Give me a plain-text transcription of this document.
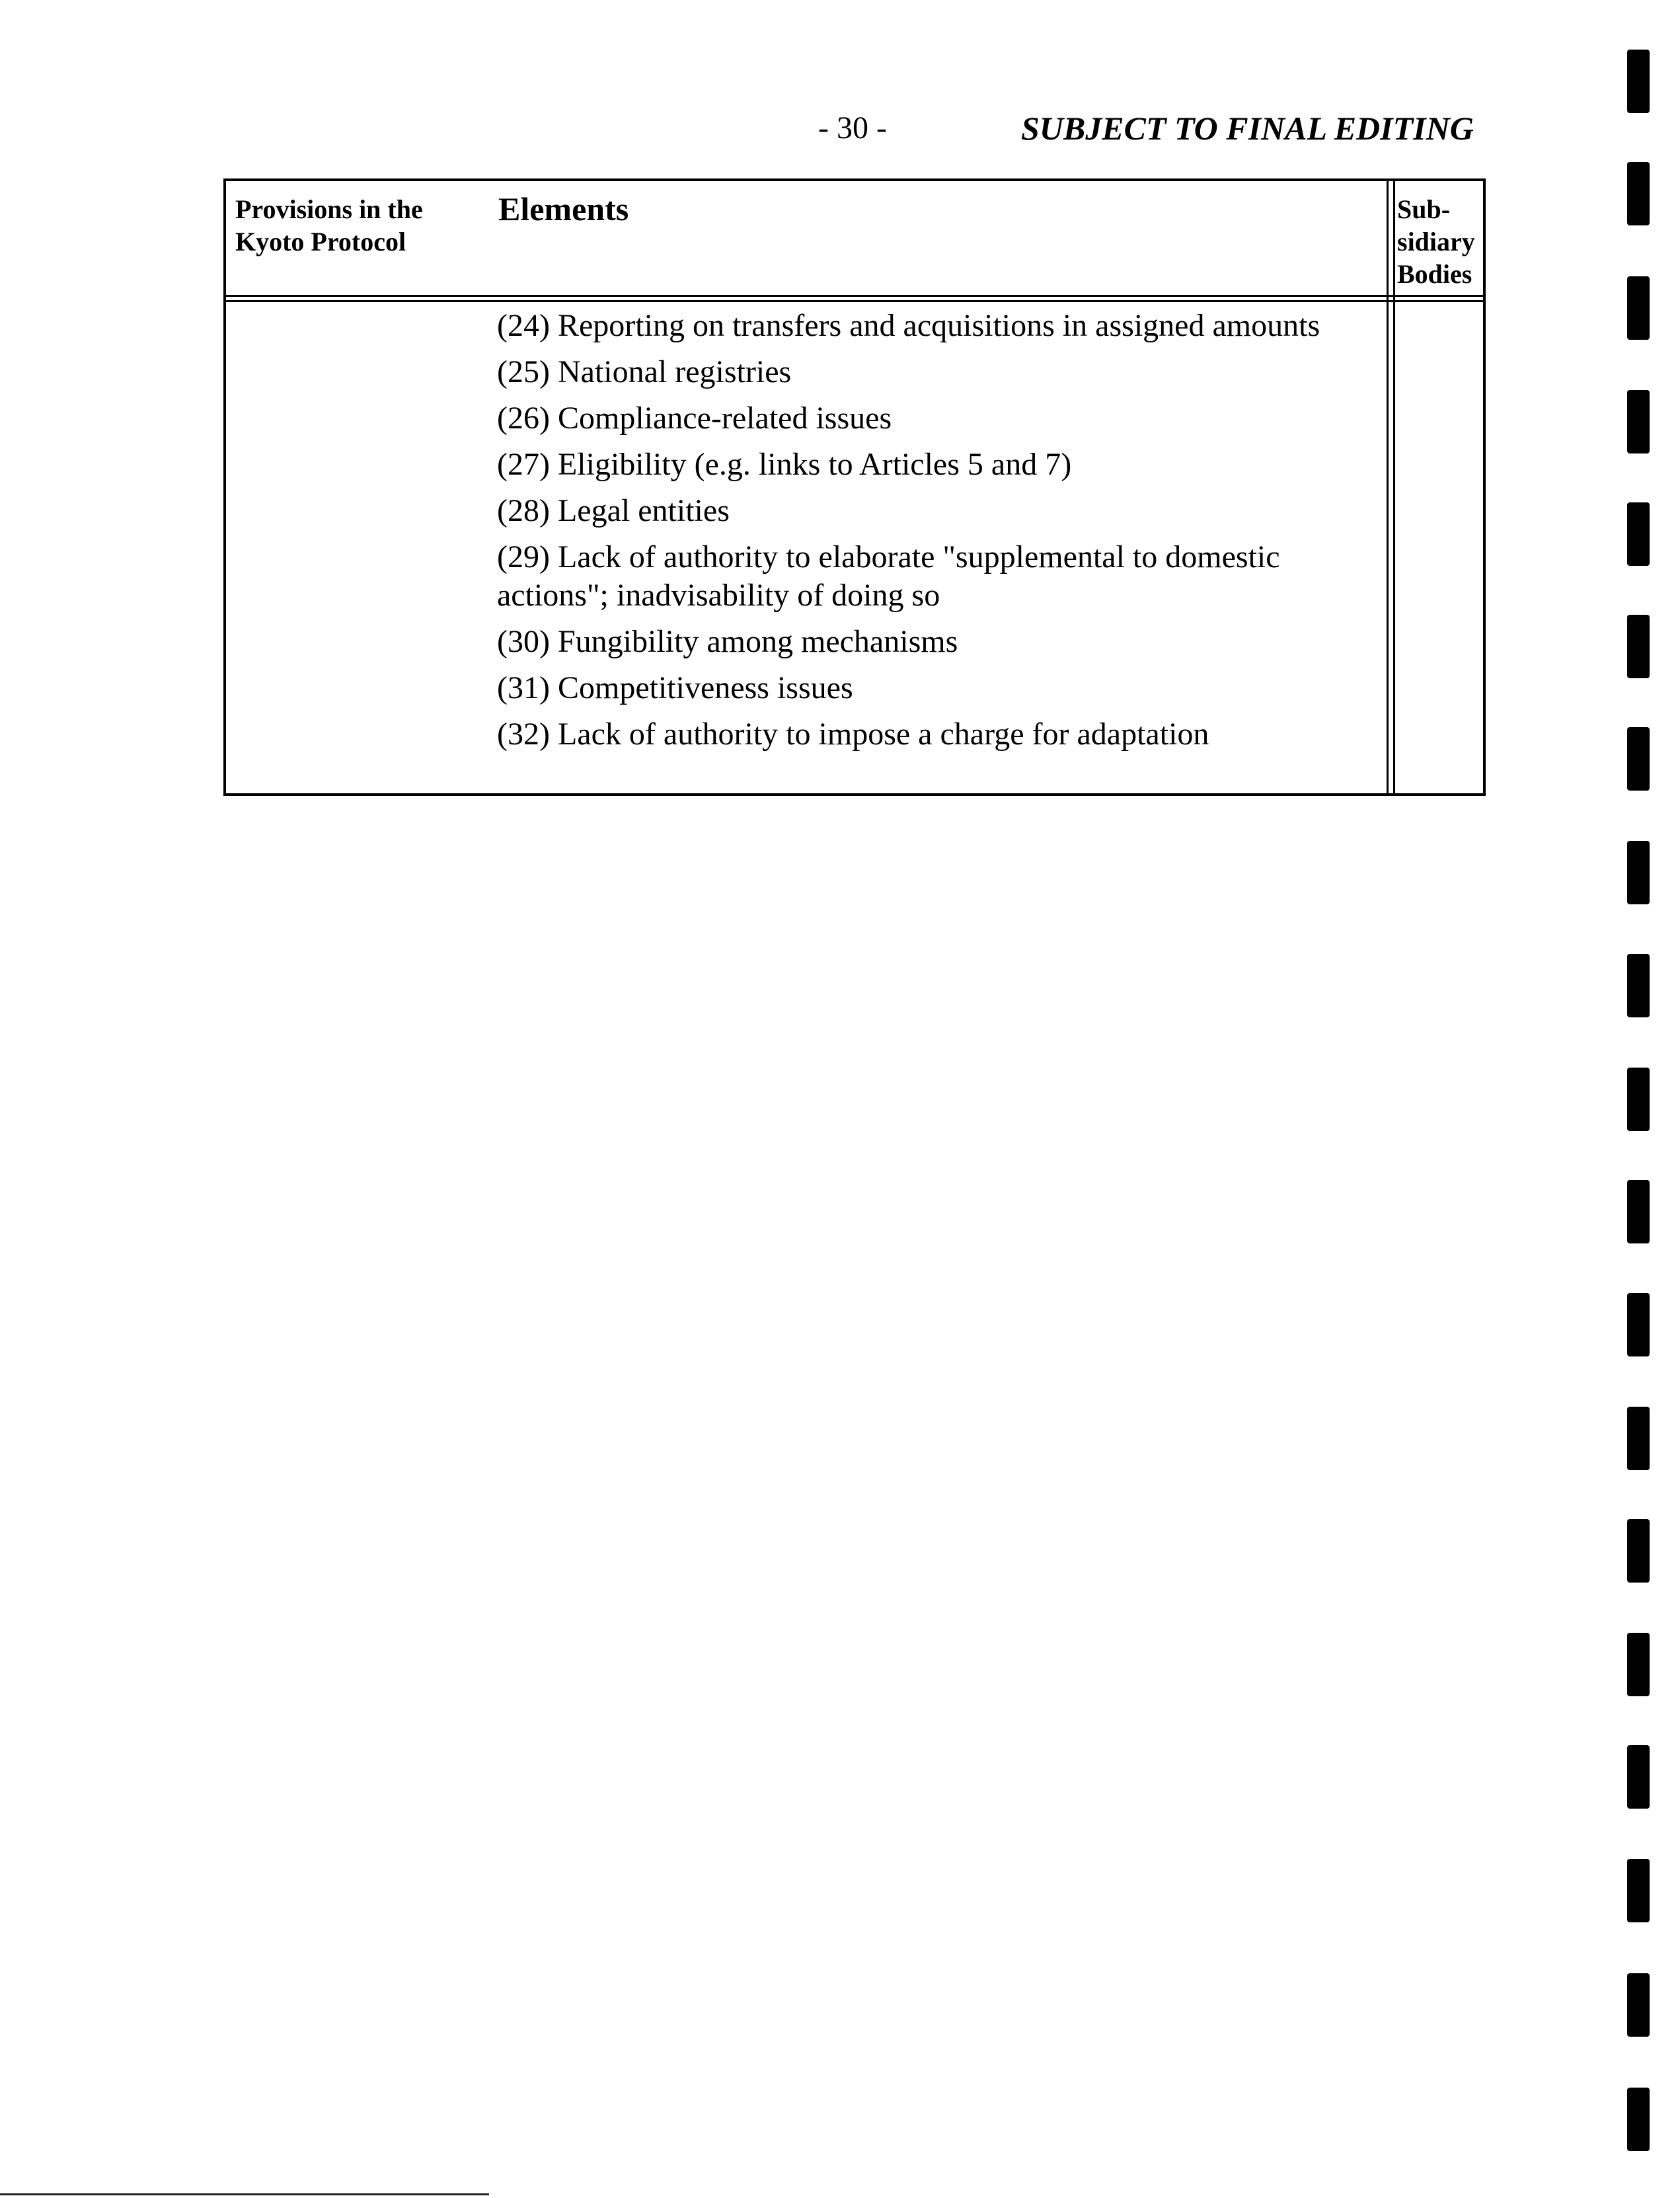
- 30 -	SUBJECT TO FINAL EDITING
Provisions in the Kyoto Protocol
Elements	Sub- sidiary Bodies
(24) Reporting on transfers and acquisitions in assigned amounts
(25) National registries
(26) Compliance-related issues
(27) Eligibility (e.g. links to Articles 5 and 7)
(28) Legal entities
(29) Lack of authority to elaborate "supplemental to domestic actions"; inadvisability of doing so
(30) Fungibility among mechanisms
(31) Competitiveness issues
(32) Lack of authority to impose a charge for adaptation
